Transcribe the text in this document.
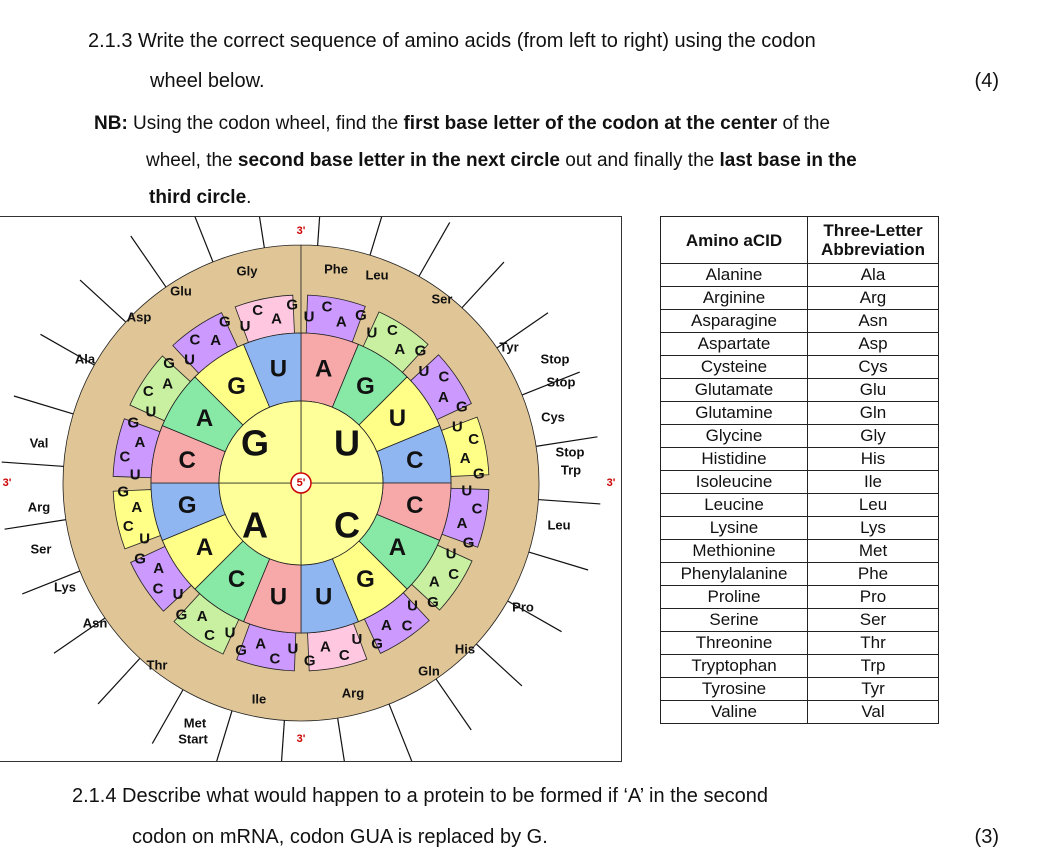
2.1.3 Write the correct sequence of amino acids (from left to right) using the codon
wheel below.	(4)
NB: Using the codon wheel, find the first base letter of the codon at the center of the
wheel, the second base letter in the next circle out and finally the last base in the
third circle.
G U
A C
A
G
U
C
C
A
G
U
U
C
A
G
C
A
G
U
U
C
A G
U C
A G
U C
A
G
U
C
A
G
U
C
A
G
U
C
A
G
U
C
A
G
U
C
A
G
U
C
A
G
U
C
A
G
U
C
A
G
U
C
A
G
U
C
A
G
U
C A
G U
C A
G U
C A
G
5'
3'
3'
3'
3'
Phe Leu
Ser
Tyr
Stop
Stop
Cys
Stop
Trp
Leu
Pro
His
Gln
Arg
Ile
Met
Start
Thr
Asn
Lys
Ser
Arg
Val
Ala
Asp
Glu
Gly
Amino aCID	Three-Letter Abbreviation
Alanine	Ala
Arginine	Arg
Asparagine	Asn
Aspartate	Asp
Cysteine	Cys
Glutamate	Glu
Glutamine	Gln
Glycine	Gly
Histidine	His
Isoleucine	Ile
Leucine	Leu
Lysine	Lys
Methionine	Met
Phenylalanine	Phe
Proline	Pro
Serine	Ser
Threonine	Thr
Tryptophan	Trp
Tyrosine	Tyr
Valine	Val
2.1.4 Describe what would happen to a protein to be formed if ‘A’ in the second
codon on mRNA, codon GUA is replaced by G.	(3)
